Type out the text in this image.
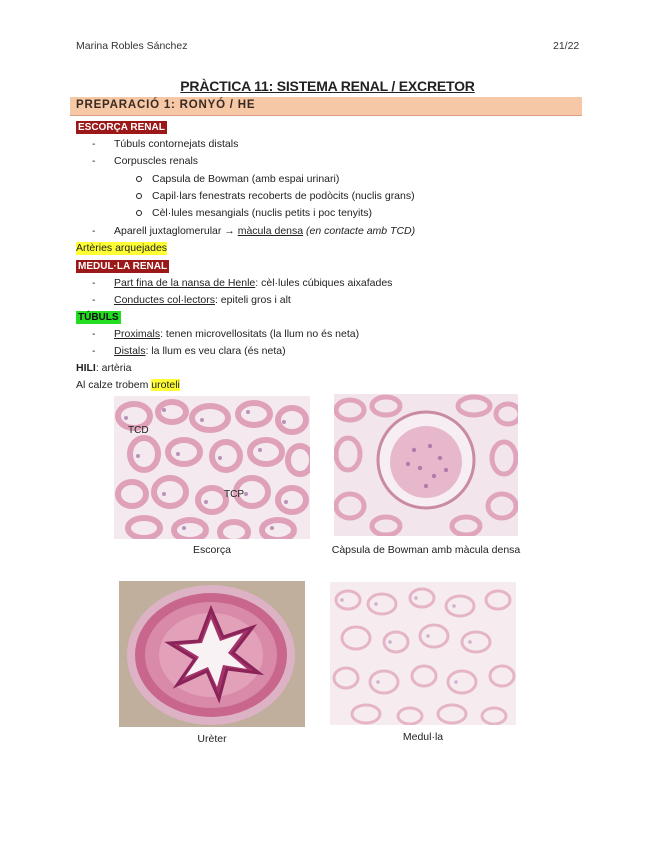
Marina Robles Sánchez	21/22
PRÀCTICA 11: SISTEMA RENAL / EXCRETOR
PREPARACIÓ 1: RONYÓ / HE
ESCORÇA RENAL
- Túbuls contornejats distals
- Corpuscles renals
Capsula de Bowman (amb espai urinari)
Capil·lars fenestrats recoberts de podòcits (nuclis grans)
Cèl·lules mesangials (nuclis petits i poc tenyits)
- Aparell juxtaglomerular → màcula densa (en contacte amb TCD)
Artèries arquejades
MEDUL·LA RENAL
- Part fina de la nansa de Henle: cèl·lules cúbiques aixafades
- Conductes col·lectors: epiteli gros i alt
TÚBULS
- Proximals: tenen microvellositats (la llum no és neta)
- Distals: la llum es veu clara (és neta)
HILI: artèria
Al calze trobem uroteli
TCD
TCP
Escorça	Càpsula de Bowman amb màcula densa
Urèter	Medul·la
